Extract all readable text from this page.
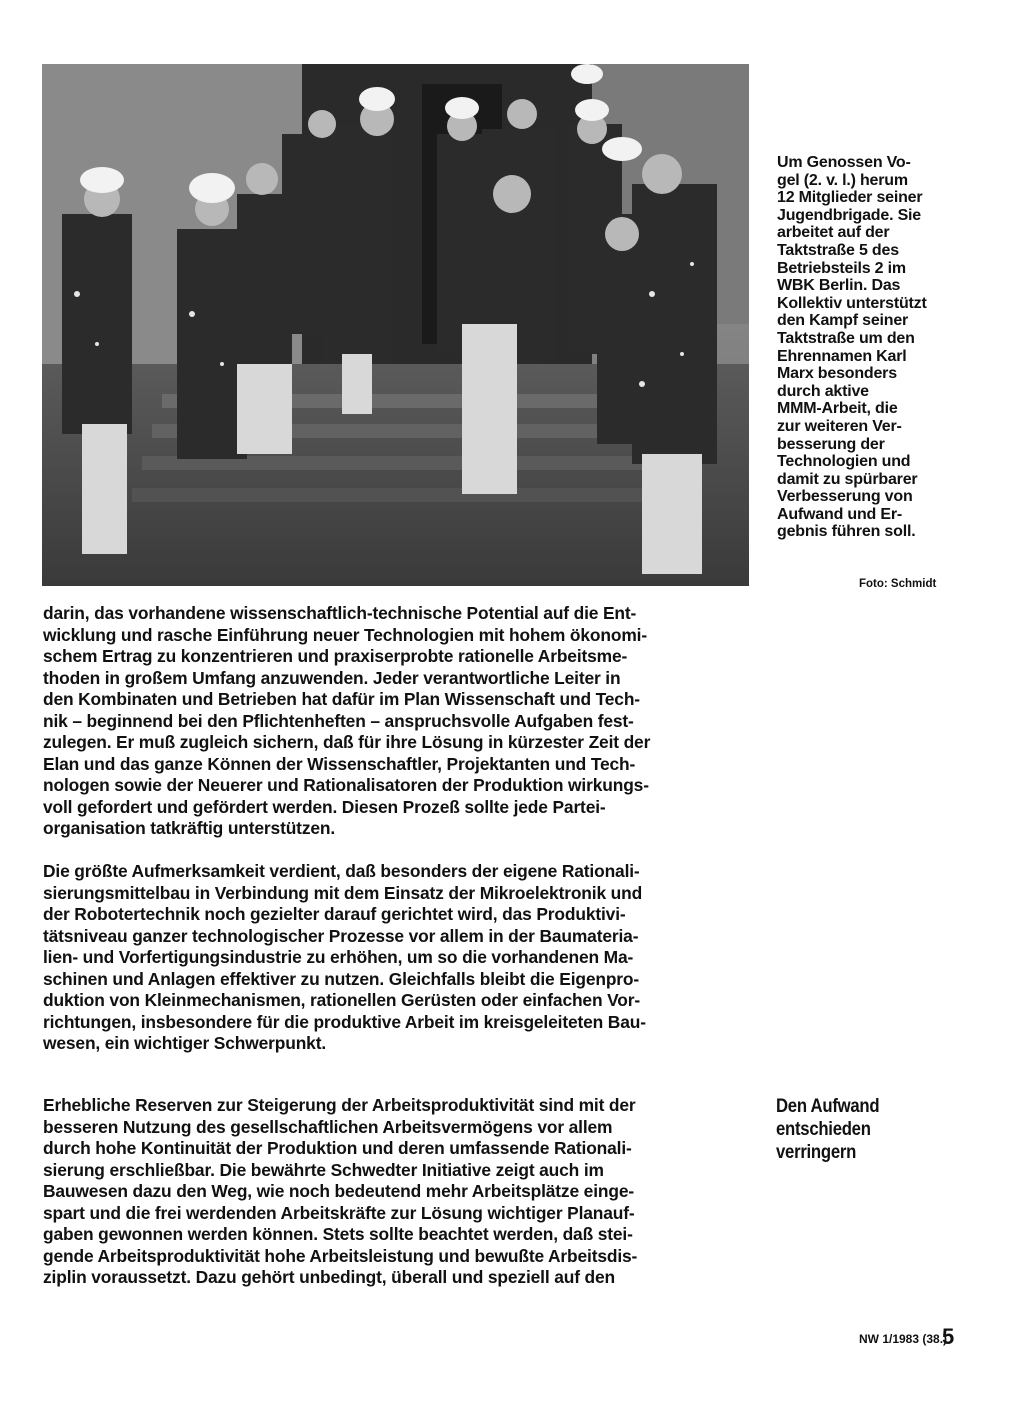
Um Genossen Vo-
gel (2. v. l.) herum
12 Mitglieder seiner
Jugendbrigade. Sie
arbeitet auf der
Taktstraße 5 des
Betriebsteils 2 im
WBK Berlin. Das
Kollektiv unterstützt
den Kampf seiner
Taktstraße um den
Ehrennamen Karl
Marx besonders
durch aktive
MMM-Arbeit, die
zur weiteren Ver-
besserung der
Technologien und
damit zu spürbarer
Verbesserung von
Aufwand und Er-
gebnis führen soll.
Foto: Schmidt
darin, das vorhandene wissenschaftlich-technische Potential auf die Ent-
wicklung und rasche Einführung neuer Technologien mit hohem ökonomi-
schem Ertrag zu konzentrieren und praxiserprobte rationelle Arbeitsme-
thoden in großem Umfang anzuwenden. Jeder verantwortliche Leiter in
den Kombinaten und Betrieben hat dafür im Plan Wissenschaft und Tech-
nik – beginnend bei den Pflichtenheften – anspruchsvolle Aufgaben fest-
zulegen. Er muß zugleich sichern, daß für ihre Lösung in kürzester Zeit der
Elan und das ganze Können der Wissenschaftler, Projektanten und Tech-
nologen sowie der Neuerer und Rationalisatoren der Produktion wirkungs-
voll gefordert und gefördert werden. Diesen Prozeß sollte jede Partei-
organisation tatkräftig unterstützen.
Die größte Aufmerksamkeit verdient, daß besonders der eigene Rationali-
sierungsmittelbau in Verbindung mit dem Einsatz der Mikroelektronik und
der Robotertechnik noch gezielter darauf gerichtet wird, das Produktivi-
tätsniveau ganzer technologischer Prozesse vor allem in der Baumateria-
lien- und Vorfertigungsindustrie zu erhöhen, um so die vorhandenen Ma-
schinen und Anlagen effektiver zu nutzen. Gleichfalls bleibt die Eigenpro-
duktion von Kleinmechanismen, rationellen Gerüsten oder einfachen Vor-
richtungen, insbesondere für die produktive Arbeit im kreisgeleiteten Bau-
wesen, ein wichtiger Schwerpunkt.
Erhebliche Reserven zur Steigerung der Arbeitsproduktivität sind mit der
besseren Nutzung des gesellschaftlichen Arbeitsvermögens vor allem
durch hohe Kontinuität der Produktion und deren umfassende Rationali-
sierung erschließbar. Die bewährte Schwedter Initiative zeigt auch im
Bauwesen dazu den Weg, wie noch bedeutend mehr Arbeitsplätze einge-
spart und die frei werdenden Arbeitskräfte zur Lösung wichtiger Planauf-
gaben gewonnen werden können. Stets sollte beachtet werden, daß stei-
gende Arbeitsproduktivität hohe Arbeitsleistung und bewußte Arbeitsdis-
ziplin voraussetzt. Dazu gehört unbedingt, überall und speziell auf den
Den Aufwand
entschieden
verringern
NW 1/1983 (38.)
5
